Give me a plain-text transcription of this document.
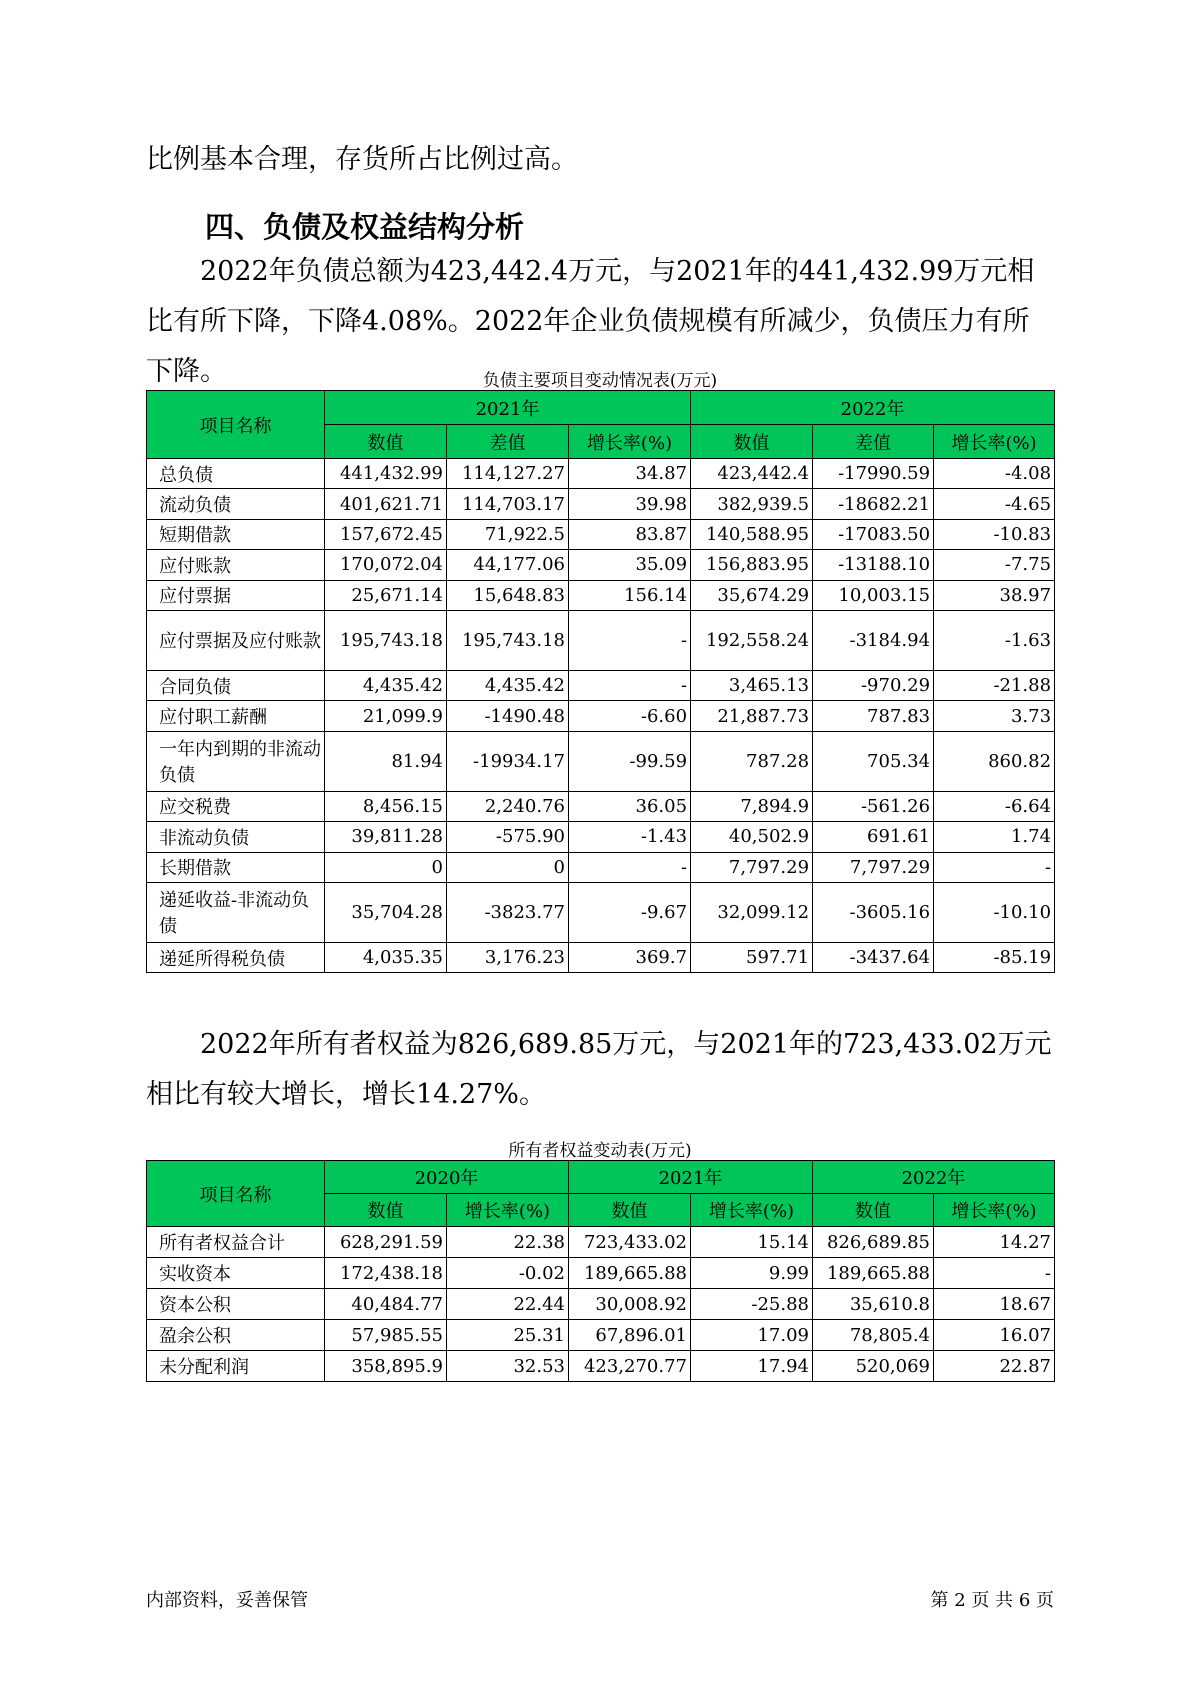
比例基本合理，存货所占比例过高。

四、负债及权益结构分析

2022年负债总额为423,442.4万元，与2021年的441,432.99万元相比有所下降，下降4.08%。2022年企业负债规模有所减少，负债压力有所下降。	负债主要项目变动情况表(万元)
项目名称	2021年			2022年		
	数值	差值	增长率(%)	数值	差值	增长率(%)
总负债	441,432.99	114,127.27	34.87	423,442.4	-17990.59	-4.08
流动负债	401,621.71	114,703.17	39.98	382,939.5	-18682.21	-4.65
短期借款	157,672.45	71,922.5	83.87	140,588.95	-17083.50	-10.83
应付账款	170,072.04	44,177.06	35.09	156,883.95	-13188.10	-7.75
应付票据	25,671.14	15,648.83	156.14	35,674.29	10,003.15	38.97
应付票据及应付账款	195,743.18	195,743.18	-	192,558.24	-3184.94	-1.63
合同负债	4,435.42	4,435.42	-	3,465.13	-970.29	-21.88
应付职工薪酬	21,099.9	-1490.48	-6.60	21,887.73	787.83	3.73
一年内到期的非流动负债	81.94	-19934.17	-99.59	787.28	705.34	860.82
应交税费	8,456.15	2,240.76	36.05	7,894.9	-561.26	-6.64
非流动负债	39,811.28	-575.90	-1.43	40,502.9	691.61	1.74
长期借款	0	0	-	7,797.29	7,797.29	-
递延收益-非流动负债	35,704.28	-3823.77	-9.67	32,099.12	-3605.16	-10.10
递延所得税负债	4,035.35	3,176.23	369.7	597.71	-3437.64	-85.19

2022年所有者权益为826,689.85万元，与2021年的723,433.02万元相比有较大增长，增长14.27%。

所有者权益变动表(万元)
项目名称	2020年		2021年		2022年	
	数值	增长率(%)	数值	增长率(%)	数值	增长率(%)
所有者权益合计	628,291.59	22.38	723,433.02	15.14	826,689.85	14.27
实收资本	172,438.18	-0.02	189,665.88	9.99	189,665.88	-
资本公积	40,484.77	22.44	30,008.92	-25.88	35,610.8	18.67
盈余公积	57,985.55	25.31	67,896.01	17.09	78,805.4	16.07
未分配利润	358,895.9	32.53	423,270.77	17.94	520,069	22.87
内部资料，妥善保管	第 2 页 共 6 页
